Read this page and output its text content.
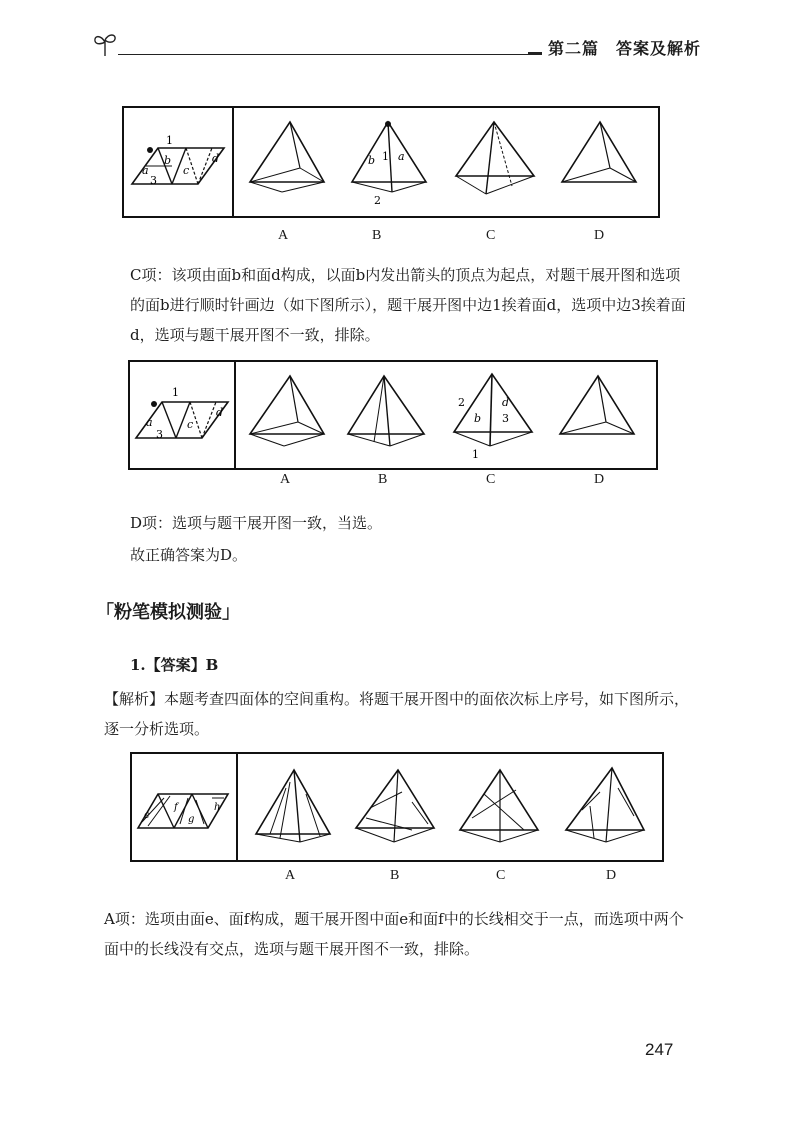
第二篇　答案及解析
1
a
b
3
c
d	b 1 a
2
A	B	C	D
C项：该项由面b和面d构成，以面b内发出箭头的顶点为起点，对题干展开图和选项的面b进行顺时针画边（如下图所示），题干展开图中边1挨着面d，选项中边3挨着面d，选项与题干展开图不一致，排除。
1
a
3
c
d
2
b
d
3
1
A	B	C	D
D项：选项与题干展开图一致，当选。
故正确答案为D。
「粉笔模拟测验」
1.【答案】B
【解析】本题考查四面体的空间重构。将题干展开图中的面依次标上序号，如下图所示，逐一分析选项。
e
f
g
h
A	B	C	D
A项：选项由面e、面f构成，题干展开图中面e和面f中的长线相交于一点，而选项中两个面中的长线没有交点，选项与题干展开图不一致，排除。
247
